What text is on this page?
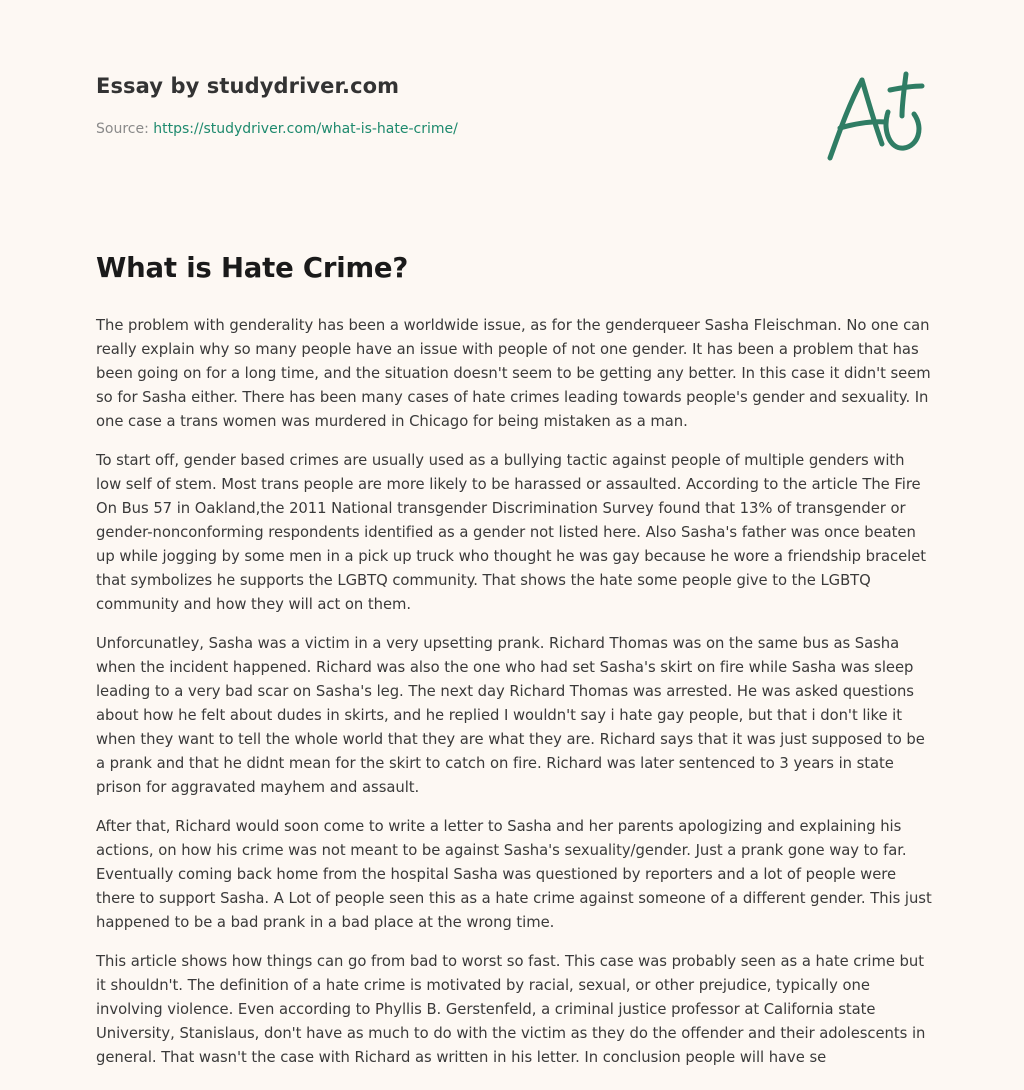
Essay by studydriver.com
Source: https://studydriver.com/what-is-hate-crime/
What is Hate Crime?

The problem with genderality has been a worldwide issue, as for the genderqueer Sasha Fleischman. No one can really explain why so many people have an issue with people of not one gender. It has been a problem that has been going on for a long time, and the situation doesn't seem to be getting any better. In this case it didn't seem so for Sasha either. There has been many cases of hate crimes leading towards people's gender and sexuality. In one case a trans women was murdered in Chicago for being mistaken as a man.

To start off, gender based crimes are usually used as a bullying tactic against people of multiple genders with low self of stem. Most trans people are more likely to be harassed or assaulted. According to the article The Fire On Bus 57 in Oakland,the 2011 National transgender Discrimination Survey found that 13% of transgender or gender-nonconforming respondents identified as a gender not listed here. Also Sasha's father was once beaten up while jogging by some men in a pick up truck who thought he was gay because he wore a friendship bracelet that symbolizes he supports the LGBTQ community. That shows the hate some people give to the LGBTQ community and how they will act on them.

Unforcunatley, Sasha was a victim in a very upsetting prank. Richard Thomas was on the same bus as Sasha when the incident happened. Richard was also the one who had set Sasha's skirt on fire while Sasha was sleep leading to a very bad scar on Sasha's leg. The next day Richard Thomas was arrested. He was asked questions about how he felt about dudes in skirts, and he replied I wouldn't say i hate gay people, but that i don't like it when they want to tell the whole world that they are what they are. Richard says that it was just supposed to be a prank and that he didnt mean for the skirt to catch on fire. Richard was later sentenced to 3 years in state prison for aggravated mayhem and assault.

After that, Richard would soon come to write a letter to Sasha and her parents apologizing and explaining his actions, on how his crime was not meant to be against Sasha's sexuality/gender. Just a prank gone way to far. Eventually coming back home from the hospital Sasha was questioned by reporters and a lot of people were there to support Sasha. A Lot of people seen this as a hate crime against someone of a different gender. This just happened to be a bad prank in a bad place at the wrong time.

This article shows how things can go from bad to worst so fast. This case was probably seen as a hate crime but it shouldn't. The definition of a hate crime is motivated by racial, sexual, or other prejudice, typically one involving violence. Even according to Phyllis B. Gerstenfeld, a criminal justice professor at California state University, Stanislaus, don't have as much to do with the victim as they do the offender and their adolescents in general. That wasn't the case with Richard as written in his letter. In conclusion people will have se
